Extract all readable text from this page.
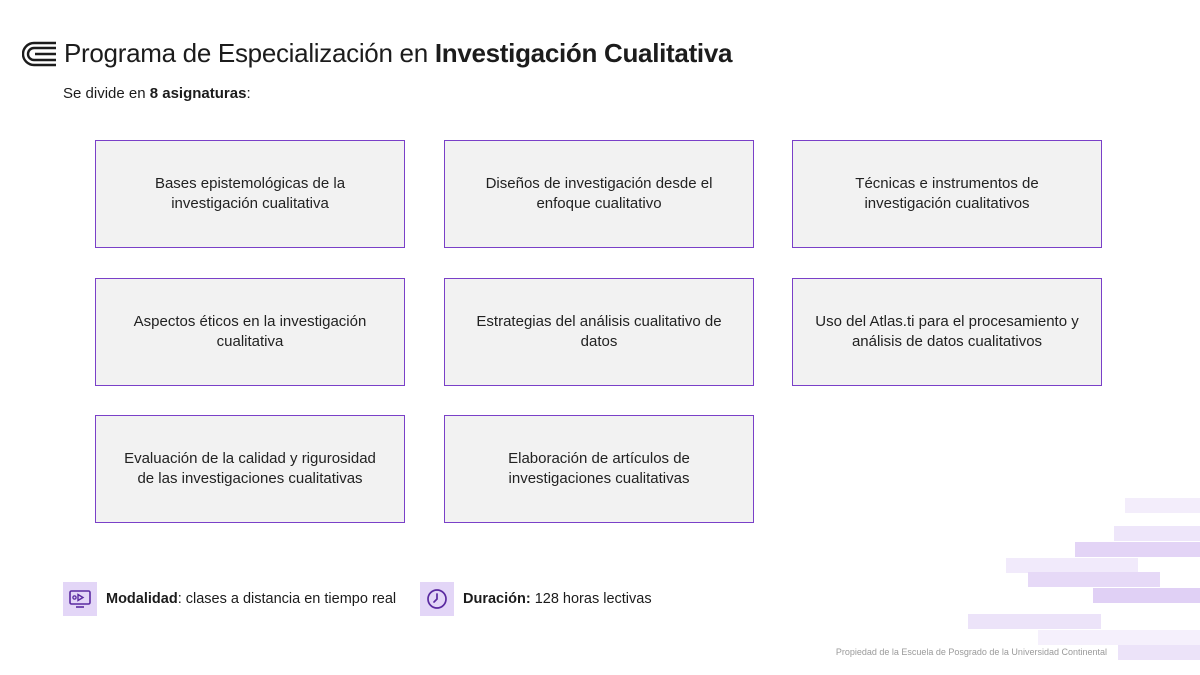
Programa de Especialización en Investigación Cualitativa
Se divide en 8 asignaturas:
Bases epistemológicas de la investigación cualitativa
Diseños de investigación desde el enfoque cualitativo
Técnicas e instrumentos de investigación cualitativos
Aspectos éticos en la investigación cualitativa
Estrategias del análisis cualitativo de datos
Uso del Atlas.ti para el procesamiento y análisis de datos cualitativos
Evaluación de la calidad y rigurosidad de las investigaciones cualitativas
Elaboración de artículos de investigaciones cualitativas
Modalidad: clases a distancia en tiempo real	Duración: 128 horas lectivas
Propiedad de la Escuela de Posgrado de la Universidad Continental
